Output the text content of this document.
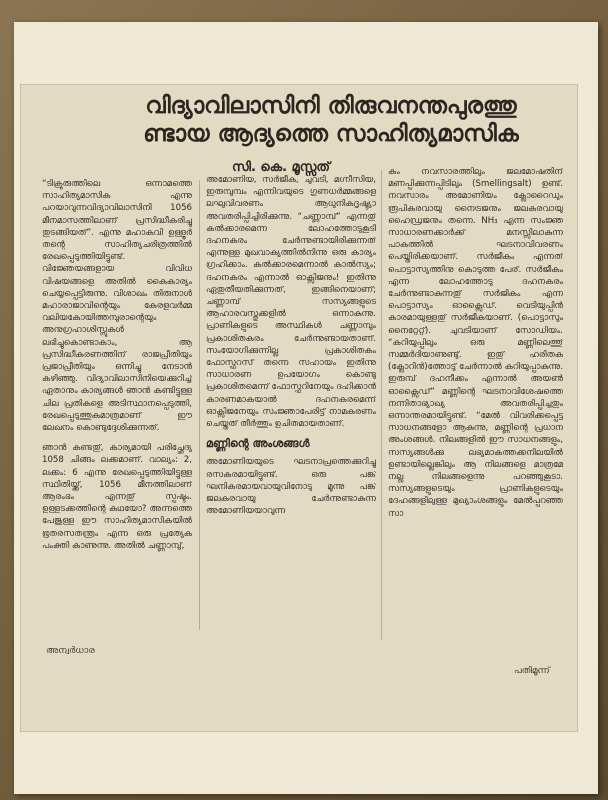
വിദ്യാവിലാസിനി തിരുവനന്തപുരത്തു
ണ്ടായ ആദ്യത്തെ സാഹിത്യമാസിക
സി. കെ. മൂസ്സത്

“ടിക്രുരുത്തിലെ ഒന്നാമത്തെ സാഹിത്യമാസിക എന്നു പറയാവുന്നവിദ്യാവിലാസിനി 1056 മീനമാസത്തിലാണ് പ്രസിദ്ധീകരിച്ചു തുടങ്ങിയത്”. എന്നു മഹാകവി ഉള്ളൂർ തന്റെ സാഹിത്യചരിത്രത്തിൽ രേഖപ്പെടുത്തിയിട്ടുണ്ട്. വിജ്ഞേയങ്ങളായ വിവിധ വിഷയങ്ങളെ അതിൽ കൈകാര്യം ചെയ്യപ്പെട്ടിരുന്നു. വിശാഖം തിരുനാൾ മഹാരാജാവിന്റെയും കേരളവർമ്മ വലിയകോയിത്തമ്പുരാന്റെയും അനുഗ്രഹാശിസ്സുകൾ ലഭിച്ചുകൊണ്ടാകാം, ആ പ്രസിദ്ധീകരണത്തിന് രാജപ്രീതിയും പ്രജാപ്രീതിയും ഒന്നിച്ചു നേടാൻ കഴിഞ്ഞു. വിദ്യാവിലാസിനിയെക്കുറിച്ച് ഏതാനും കാര്യങ്ങൾ ഞാൻ കണ്ടിട്ടുള്ള ചില പ്രതികളെ അടിസ്ഥാനപ്പെടുത്തി, രേഖപ്പെടുത്തുകമാത്രമാണ് ഈ ലേഖനം കൊണ്ടുദ്ദേശിക്കുന്നത്.

ഞാൻ കണ്ടതു്, കാര്യമായി പരിച്ഛേദ്യ 1058 ചിങ്ങം ലക്കമാണ്. വാല്യം: 2, ലക്കം: 6 എന്നു രേഖപ്പെടുത്തിയിട്ടുള്ള സ്ഥിതിയ്ക്കു്, 1056 മീനത്തിലാണ് ആരംഭം എന്നതു് സ്പഷ്ടം. ഉള്ളടക്കത്തിന്റെ കഥയോ? അന്നത്തെ പേജുള്ള ഈ സാഹിത്യമാസികയിൽ ഭൂതരസതന്ത്രം എന്ന ഒരു പ്രത്യേക പംക്തി കാണുന്നു. അതിൽ ചണ്ണാമ്പു്,

അമോണിയ, സർജീക, ചുവടി, മഗ്നീസിയ, ഇരുമ്പുമ്പം എന്നിവയുടെ ഗുണധർമ്മങ്ങളെ ലഘുവിവരണം ആധുനികദൃഷ്ട്യാ അവതരിപ്പിച്ചിരിക്കുന്നു. “ചണ്ണാമ്പ്” എന്നതു് കൽക്കാരമെന്ന ലോഹത്തോടുകൂടി ദഹനകരം ചേർന്നുണ്ടായിരിക്കുന്നത് എന്നുള്ള മുഖവാക്യത്തിൽനിന്നു ഒരു കാര്യം ഗ്രഹിക്കാം. കൽക്കാരമെന്നാൽ കാൽസ്യം; ദഹനകരം എന്നാൽ ഓക്സിജനും! ഇതിന്നു ഏതുതീയതിക്കുന്നത്, ഇങ്ങിനെയാണ്; ചണ്ണാമ്പ് സസ്യങ്ങളുടെ ആഹാരവസ്തുക്കളിൽ ഒന്നാകുന്നു. പ്രാണികളുടെ അസ്ഥികൾ ചണ്ണാമ്പും പ്രകാശിതകരം ചേർന്നുണ്ടായതാണ്. സംയോഗിക്കുന്നില്ല പ്രകാശിതകം ഫോസ്ഫറസ് തന്നെ സഹായം ഇതിന്നു സാധാരണ ഉപയോഗം കൊണ്ടു പ്രകാശിതമെന്ന് ഫോസ്ഫറിനേയും ദഹിക്കാൻ കാരണമാകയാൽ ദഹനകരമെന്ന് ഓക്സിജനേയും സംജ്ഞാപേരിട്ട് നാമകരണം ചെയ്തത് തീർത്തും ഉചിതമായതാണ്.

മണ്ണിന്റെ അംശങ്ങൾ

അമോണിയയുടെ ഘടനാപ്രത്തെക്കുറിച്ചു രസകരമായിട്ടുണ്ട്. ഒരു പങ്ക് ഘനികരമായവായുവിനോടു മൂന്നു പങ്ക് ജലകരവായു ചേർന്നുണ്ടാകുന്ന അമോണിയയാവുന്ന

കം നവസാരത്തിലും ജലമോഷതിന് മണപ്പിക്കുന്നപ്പിടിലും (Smellingsalt) ഉണ്ട്. നവസാരം അമോണിയം ക്ലോറൈഡും രൂപികരവായു നൈട്രജനും ജലകരവായു ഹൈഡ്രജനും തന്നെ. NH₃ എന്ന സംജ്ഞ സാധാരണക്കാർക്ക് മനസ്സിലാകുന്ന പാകത്തിൽ ഘടനാവിവരണം പെയ്തിരിക്കയാണ്. സർജീകം എന്നത് പൊട്ടാസ്യത്തിനു കൊടുത്ത പേര്. സർജീകം എന്ന ലോഹത്തോടു ദഹനകരം ചേർന്നുണ്ടാകുന്നതു് സർജികം എന്ന പൊട്ടാസ്യം ഓക്സൈഡ്. വെടിയുപ്പിൻ കാരമായുള്ളതു് സർജീകയാണ്. (പൊട്ടാസും നൈറ്റേറ്റ്). ചുവടിയാണ് സോഡിയം. “കറിയുപ്പിലും ഒരു മണ്ണിലെത്തു് സമ്മർദിയാണുണ്ടു്. ഇതു് ഹരിതക (ക്ലോറിൻ)ത്തോടു് ചേർന്നാൽ കറിയുപ്പാകുന്നു. ഇരുമ്പ് ദഹനീക്കം എന്നാൽ അയൺ ഓക്സൈഡ്” മണ്ണിന്റെ ഘടനാവിശേഷത്തെ നന്നിതാഭ്യാഖ്യ അവതരിപ്പിച്ചതും ഒന്നാന്തരമായിട്ടുണ്ട്. “മേൽ വിവരിക്കപ്പെട്ട സാധനങ്ങളോ ആകുന്നു, മണ്ണിന്റെ പ്രധാന അംശങ്ങൾ. നിലങ്ങളിൽ ഈ സാധനങ്ങളും, സസ്യങ്ങൾക്കു ലഭ്യമാകത്തക്കനിലയിൽ ഉണ്ടായില്ലെങ്കിലും ആ നിലങ്ങളെ മാത്രമേ നല്ല നിലങ്ങളെന്നു പറഞ്ഞുകൂടാ. സസ്യങ്ങളുടെയും പ്രാണികളുടെയും ദേഹങ്ങളിലുള്ള മുഖ്യാംശങ്ങളും മേൽപ്പറഞ്ഞ സാ

അന്വർധാര
പതിമൂന്ന്
